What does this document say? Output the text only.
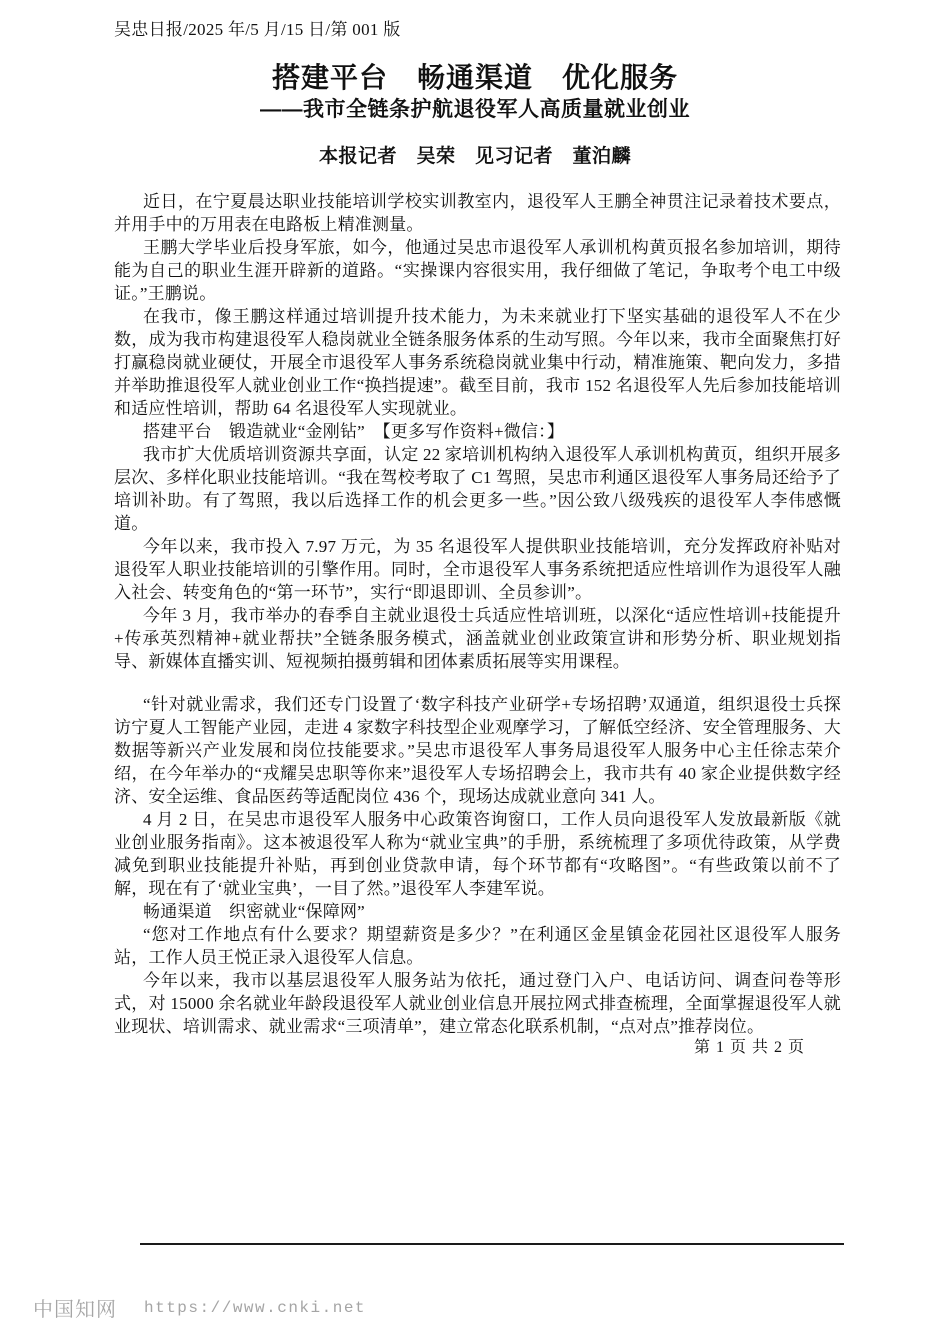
吴忠日报/2025 年/5 月/15 日/第 001 版
搭建平台　畅通渠道　优化服务
——我市全链条护航退役军人高质量就业创业
本报记者　吴荣　见习记者　董泊麟

近日，在宁夏晨达职业技能培训学校实训教室内，退役军人王鹏全神贯注记录着技术要点，并用手中的万用表在电路板上精准测量。

王鹏大学毕业后投身军旅，如今，他通过吴忠市退役军人承训机构黄页报名参加培训，期待能为自己的职业生涯开辟新的道路。“实操课内容很实用，我仔细做了笔记，争取考个电工中级证。”王鹏说。

在我市，像王鹏这样通过培训提升技术能力，为未来就业打下坚实基础的退役军人不在少数，成为我市构建退役军人稳岗就业全链条服务体系的生动写照。今年以来，我市全面聚焦打好打赢稳岗就业硬仗，开展全市退役军人事务系统稳岗就业集中行动，精准施策、靶向发力，多措并举助推退役军人就业创业工作“换挡提速”。截至目前，我市 152 名退役军人先后参加技能培训和适应性培训，帮助 64 名退役军人实现就业。

搭建平台　锻造就业“金刚钻”　【更多写作资料+微信：】

我市扩大优质培训资源共享面，认定 22 家培训机构纳入退役军人承训机构黄页，组织开展多层次、多样化职业技能培训。“我在驾校考取了 C1 驾照，吴忠市利通区退役军人事务局还给予了培训补助。有了驾照，我以后选择工作的机会更多一些。”因公致八级残疾的退役军人李伟感慨道。

今年以来，我市投入 7.97 万元，为 35 名退役军人提供职业技能培训，充分发挥政府补贴对退役军人职业技能培训的引擎作用。同时，全市退役军人事务系统把适应性培训作为退役军人融入社会、转变角色的“第一环节”，实行“即退即训、全员参训”。

今年 3 月，我市举办的春季自主就业退役士兵适应性培训班，以深化“适应性培训+技能提升+传承英烈精神+就业帮扶”全链条服务模式，涵盖就业创业政策宣讲和形势分析、职业规划指导、新媒体直播实训、短视频拍摄剪辑和团体素质拓展等实用课程。

“针对就业需求，我们还专门设置了‘数字科技产业研学+专场招聘’双通道，组织退役士兵探访宁夏人工智能产业园，走进 4 家数字科技型企业观摩学习，了解低空经济、安全管理服务、大数据等新兴产业发展和岗位技能要求。”吴忠市退役军人事务局退役军人服务中心主任徐志荣介绍，在今年举办的“戎耀吴忠职等你来”退役军人专场招聘会上，我市共有 40 家企业提供数字经济、安全运维、食品医药等适配岗位 436 个，现场达成就业意向 341 人。

4 月 2 日，在吴忠市退役军人服务中心政策咨询窗口，工作人员向退役军人发放最新版《就业创业服务指南》。这本被退役军人称为“就业宝典”的手册，系统梳理了多项优待政策，从学费减免到职业技能提升补贴，再到创业贷款申请，每个环节都有“攻略图”。“有些政策以前不了解，现在有了‘就业宝典’，一目了然。”退役军人李建军说。

畅通渠道　织密就业“保障网”

“您对工作地点有什么要求？期望薪资是多少？”在利通区金星镇金花园社区退役军人服务站，工作人员王悦正录入退役军人信息。

今年以来，我市以基层退役军人服务站为依托，通过登门入户、电话访问、调查问卷等形式，对 15000 余名就业年龄段退役军人就业创业信息开展拉网式排查梳理，全面掌握退役军人就业现状、培训需求、就业需求“三项清单”，建立常态化联系机制，“点对点”推荐岗位。

第 1 页 共 2 页
中国知网 https://www.cnki.net
